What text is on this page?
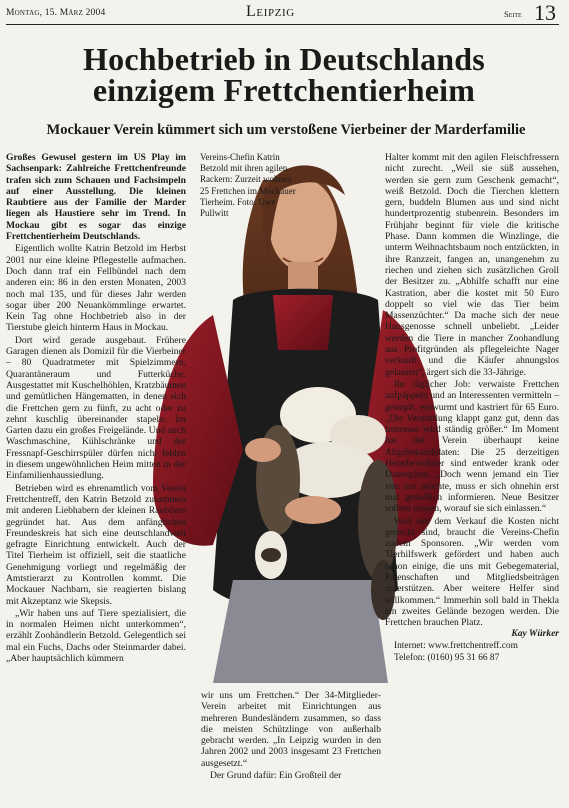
Montag, 15. März 2004	Leipzig	Seite 13
Hochbetrieb in Deutschlands
einzigem Frettchentierheim
Mockauer Verein kümmert sich um verstoßene Vierbeiner der Marderfamilie
Vereins-Chefin Katrin Betzold mit ihren agilen Rackern: Zurzeit wohnen 25 Frettchen im Mockauer Tierheim. Foto: Uwe Pullwitt

Großes Gewusel gestern im US Play im Sachsenpark: Zahlreiche Frettchenfreunde trafen sich zum Schauen und Fachsimpeln auf einer Ausstellung. Die kleinen Raubtiere aus der Familie der Marder liegen als Haustiere sehr im Trend. In Mockau gibt es sogar das einzige Frettchentierheim Deutschlands.

Eigentlich wollte Katrin Betzold im Herbst 2001 nur eine kleine Pflegestelle aufmachen. Doch dann traf ein Fellbündel nach dem anderen ein: 86 in den ersten Monaten, 2003 noch mal 135, und für dieses Jahr werden sogar über 200 Neuankömmlinge erwartet. Kein Tag ohne Hochbetrieb also in der Tierstube gleich hinterm Haus in Mockau.

Dort wird gerade ausgebaut. Frühere Garagen dienen als Domizil für die Vierbeiner – 80 Quadratmeter mit Spielzimmern, Quarantäneraum und Futterküche. Ausgestattet mit Kuschelhöhlen, Kratzbäumen und gemütlichen Hängematten, in denen sich die Frettchen gern zu fünft, zu acht oder zu zehnt kuschlig übereinander stapeln. Im Garten dazu ein großes Freigelände. Und auch Waschmaschine, Kühlschränke und der Fressnapf-Geschirrspüler dürfen nicht fehlen in diesem ungewöhnlichen Heim mitten in der Einfamilienhaussiedlung.

Betrieben wird es ehrenamtlich vom Verein Frettchentreff, den Katrin Betzold zusammen mit anderen Liebhabern der kleinen Raubtiere gegründet hat. Aus dem anfänglichen Freundeskreis hat sich eine deutschlandweit gefragte Einrichtung entwickelt. Auch der Titel Tierheim ist offiziell, seit die staatliche Genehmigung vorliegt und regelmäßig der Amtstierarzt zu Kontrollen kommt. Die Mockauer Nachbarn, sie reagierten bislang mit Akzeptanz wie Skepsis.

„Wir haben uns auf Tiere spezialisiert, die in normalen Heimen nicht unterkommen“, erzählt Zoohändlerin Betzold. Gelegentlich sei mal ein Fuchs, Dachs oder Steinmarder dabei. „Aber hauptsächlich kümmern

wir uns um Frettchen.“ Der 34-Mitglieder-Verein arbeitet mit Einrichtungen aus mehreren Bundesländern zusammen, so dass die meisten Schützlinge von außerhalb gebracht werden. „In Leipzig wurden in den Jahren 2002 und 2003 insgesamt 23 Frettchen ausgesetzt.“

Der Grund dafür: Ein Großteil der

Halter kommt mit den agilen Fleischfressern nicht zurecht. „Weil sie süß aussehen, werden sie gern zum Geschenk gemacht“, weiß Betzold. Doch die Tierchen klettern gern, buddeln Blumen aus und sind nicht hundertprozentig stubenrein. Besonders im Frühjahr beginnt für viele die kritische Phase. Dann kommen die Winzlinge, die unterm Weihnachtsbaum noch entzückten, in ihre Ranzzeit, fangen an, unangenehm zu riechen und ziehen sich zusätzlichen Groll der Besitzer zu. „Abhilfe schafft nur eine Kastration, aber die kostet mit 50 Euro doppelt so viel wie das Tier beim Massenzüchter.“ Da mache sich der neue Hausgenosse schnell unbeliebt. „Leider werden die Tiere in mancher Zoohandlung aus Profitgründen als pflegeleichte Nager verkauft und die Käufer ahnungslos gelassen“, ärgert sich die 33-Jährige.

Ihr täglicher Job: verwaiste Frettchen aufpäppeln und an Interessenten vermitteln – geimpft, entwurmt und kastriert für 65 Euro. „Die Vermittlung klappt ganz gut, denn das Interesse wird ständig größer.“ Im Moment hat der Verein überhaupt keine Abgabekandidaten: Die 25 derzeitigen Heimbewohner sind entweder krank oder Dauergäste. „Doch wenn jemand ein Tier von uns möchte, muss er sich ohnehin erst mal gründlich informieren. Neue Besitzer sollten wissen, worauf sie sich einlassen.“

Weil mit dem Verkauf die Kosten nicht gedeckt sind, braucht die Vereins-Chefin zudem Sponsoren. „Wir werden vom Tierhilfswerk gefördert und haben auch schon einige, die uns mit Gebegematerial, Patenschaften und Mitgliedsbeiträgen unterstützen. Aber weitere Helfer sind willkommen.“ Immerhin soll bald in Thekla ein zweites Gelände bezogen werden. Die Frettchen brauchen Platz.

Kay Würker

Internet: www.frettchentreff.com

Telefon: (0160) 95 31 66 87
